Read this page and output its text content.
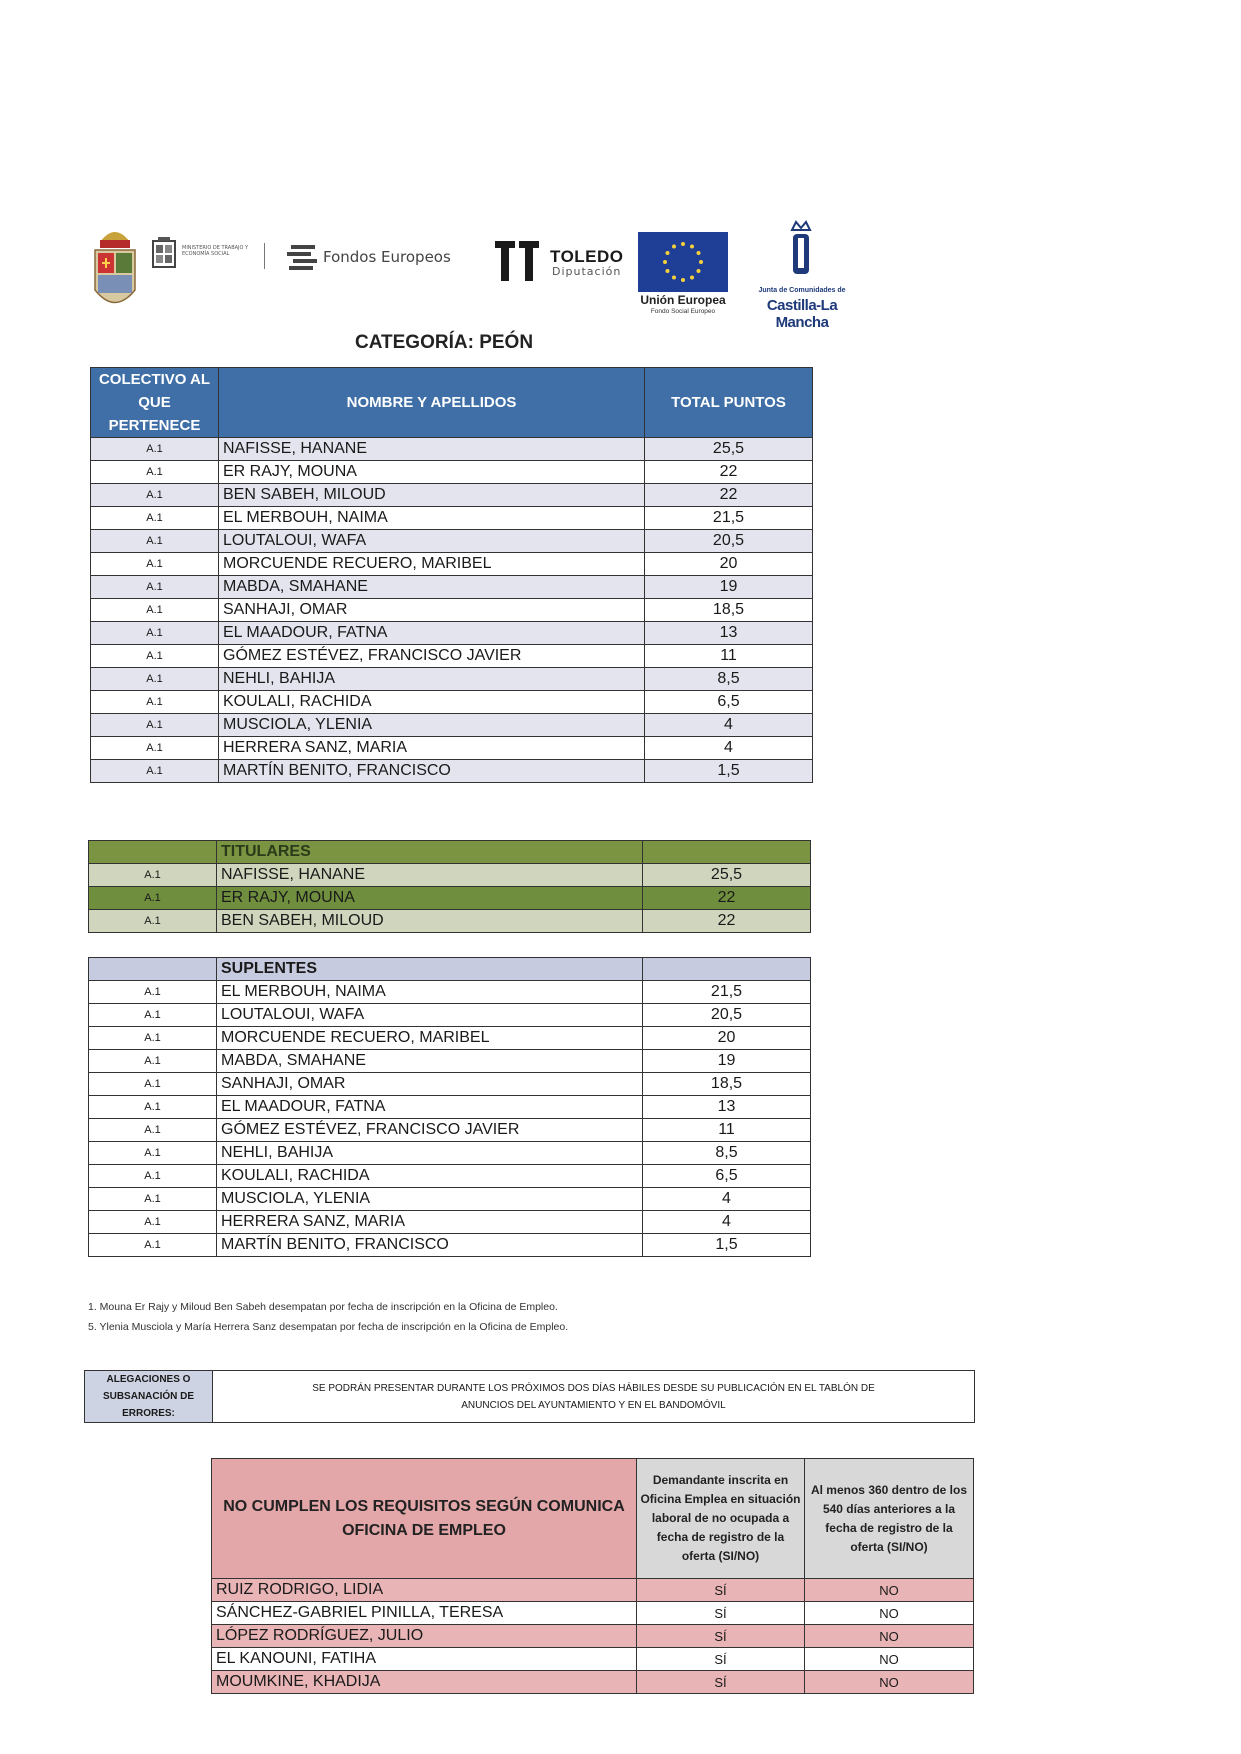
MINISTERIO DE TRABAJO Y ECONOMÍA SOCIAL	Fondos Europeos	TOLEDO
Diputación
Unión Europea
Fondo Social Europeo
Junta de Comunidades de
Castilla-La Mancha
CATEGORÍA: PEÓN
COLECTIVO AL QUE PERTENECE	NOMBRE Y APELLIDOS	TOTAL PUNTOS
A.1	NAFISSE, HANANE	25,5
A.1	ER RAJY, MOUNA	22
A.1	BEN SABEH, MILOUD	22
A.1	EL MERBOUH, NAIMA	21,5
A.1	LOUTALOUI, WAFA	20,5
A.1	MORCUENDE RECUERO, MARIBEL	20
A.1	MABDA, SMAHANE	19
A.1	SANHAJI, OMAR	18,5
A.1	EL MAADOUR, FATNA	13
A.1	GÓMEZ ESTÉVEZ, FRANCISCO JAVIER	11
A.1	NEHLI, BAHIJA	8,5
A.1	KOULALI, RACHIDA	6,5
A.1	MUSCIOLA, YLENIA	4
A.1	HERRERA SANZ, MARIA	4
A.1	MARTÍN BENITO, FRANCISCO	1,5
	TITULARES	
A.1	NAFISSE, HANANE	25,5
A.1	ER RAJY, MOUNA	22
A.1	BEN SABEH, MILOUD	22
	SUPLENTES	
A.1	EL MERBOUH, NAIMA	21,5
A.1	LOUTALOUI, WAFA	20,5
A.1	MORCUENDE RECUERO, MARIBEL	20
A.1	MABDA, SMAHANE	19
A.1	SANHAJI, OMAR	18,5
A.1	EL MAADOUR, FATNA	13
A.1	GÓMEZ ESTÉVEZ, FRANCISCO JAVIER	11
A.1	NEHLI, BAHIJA	8,5
A.1	KOULALI, RACHIDA	6,5
A.1	MUSCIOLA, YLENIA	4
A.1	HERRERA SANZ, MARIA	4
A.1	MARTÍN BENITO, FRANCISCO	1,5
1. Mouna Er Rajy y Miloud Ben Sabeh desempatan por fecha de inscripción en la Oficina de Empleo.
5. Ylenia Musciola y María Herrera Sanz desempatan por fecha de inscripción en la Oficina de Empleo.
ALEGACIONES O SUBSANACIÓN DE ERRORES:	
SE PODRÁN PRESENTAR DURANTE LOS PRÓXIMOS DOS DÍAS HÁBILES DESDE SU PUBLICACIÓN EN EL TABLÓN DE
ANUNCIOS DEL AYUNTAMIENTO Y EN EL BANDOMÓVIL
NO CUMPLEN LOS REQUISITOS SEGÚN COMUNICA OFICINA DE EMPLEO	Demandante inscrita en Oficina Emplea en situación laboral de no ocupada a fecha de registro de la oferta (SI/NO)	Al menos 360 dentro de los 540 días anteriores a la fecha de registro de la oferta (SI/NO)
RUIZ RODRIGO, LIDIA	SÍ	NO
SÁNCHEZ-GABRIEL PINILLA, TERESA	SÍ	NO
LÓPEZ RODRÍGUEZ, JULIO	SÍ	NO
EL KANOUNI, FATIHA	SÍ	NO
MOUMKINE, KHADIJA	SÍ	NO
